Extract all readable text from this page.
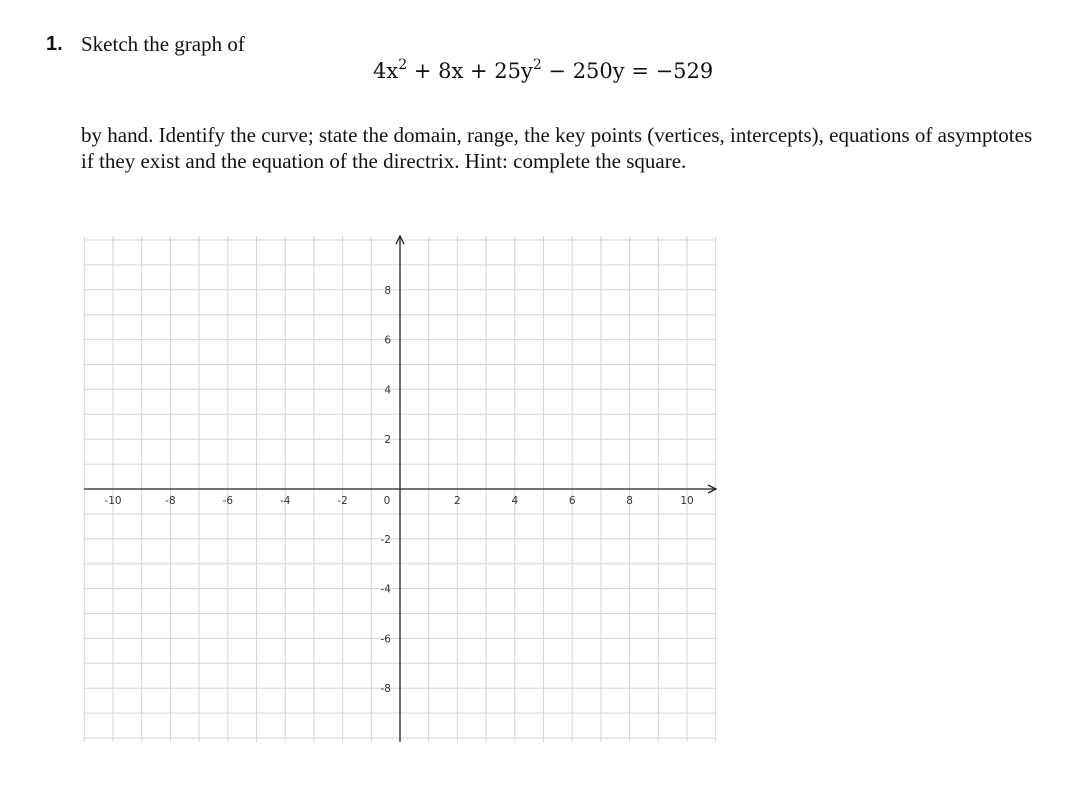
1. Sketch the graph of
$4x^2 + 8x + 25y^2 - 250y = -529$
by hand. Identify the curve; state the domain, range, the key points (vertices, intercepts), equations of asymptotes if they exist and the equation of the directrix. Hint: complete the square.
-10	-8	-6	-4	-2	2	4	6	8	10
8
6
4
2
-2
-4
-6
-8
0
